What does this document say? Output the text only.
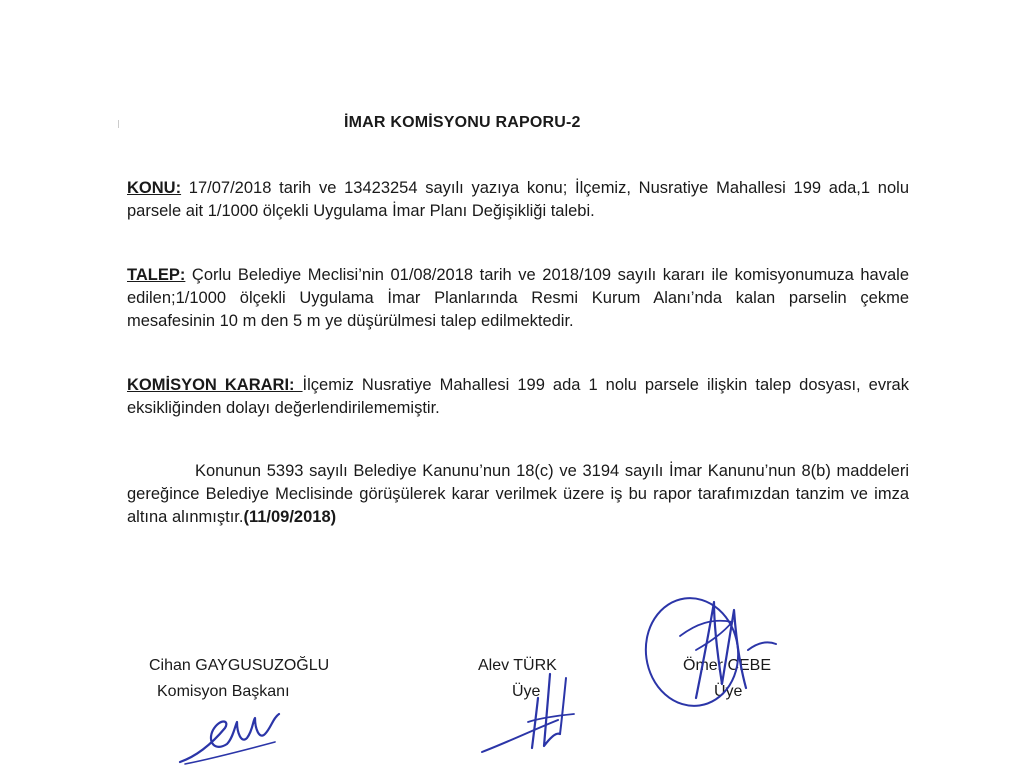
İMAR KOMİSYONU RAPORU-2
KONU: 17/07/2018 tarih ve 13423254 sayılı yazıya konu; İlçemiz, Nusratiye Mahallesi 199 ada,1 nolu parsele ait 1/1000 ölçekli Uygulama İmar Planı Değişikliği talebi.
TALEP: Çorlu Belediye Meclisi’nin 01/08/2018 tarih ve 2018/109 sayılı kararı ile komisyonumuza havale edilen;1/1000 ölçekli Uygulama İmar Planlarında Resmi Kurum Alanı’nda kalan parselin çekme mesafesinin 10 m den 5 m ye düşürülmesi talep edilmektedir.
KOMİSYON KARARI: İlçemiz Nusratiye Mahallesi 199 ada 1 nolu parsele ilişkin talep dosyası, evrak eksikliğinden dolayı değerlendirilememiştir.
Konunun 5393 sayılı Belediye Kanunu’nun 18(c) ve 3194 sayılı İmar Kanunu’nun 8(b) maddeleri gereğince Belediye Meclisinde görüşülerek karar verilmek üzere iş bu rapor tarafımızdan tanzim ve imza altına alınmıştır.(11/09/2018)
Cihan GAYGUSUZOĞLU
Komisyon Başkanı
Alev TÜRK
Üye
Ömer CEBE
Üye
